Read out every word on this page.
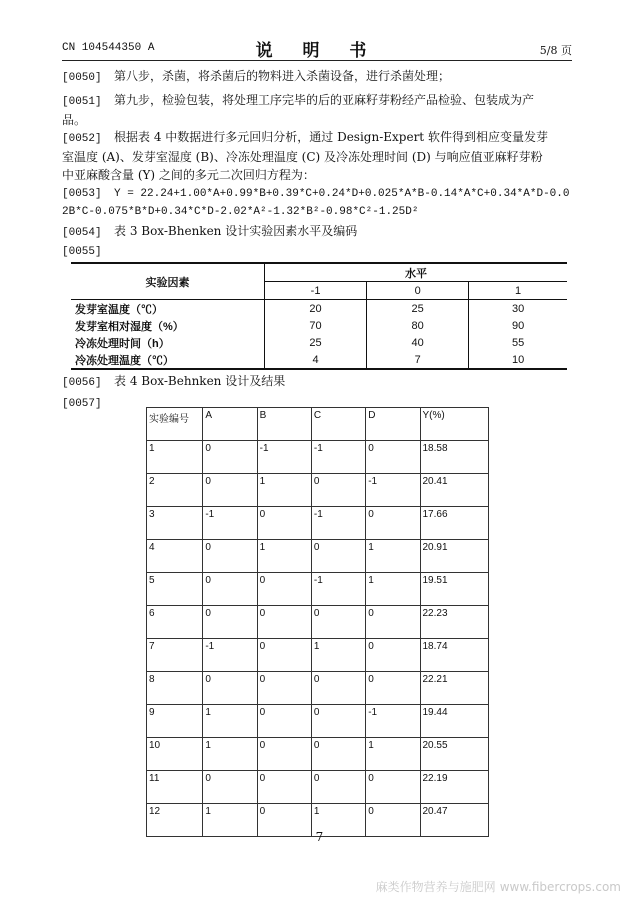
CN 104544350 A	说 明 书	5/8 页
[0050] 第八步，杀菌，将杀菌后的物料进入杀菌设备，进行杀菌处理；
[0051] 第九步，检验包装，将处理工序完毕的后的亚麻籽芽粉经产品检验、包装成为产
品。
[0052] 根据表 4 中数据进行多元回归分析，通过 Design-Expert 软件得到相应变量发芽
室温度 (A)、发芽室湿度 (B)、冷冻处理温度 (C) 及冷冻处理时间 (D) 与响应值亚麻籽芽粉
中亚麻酸含量 (Y) 之间的多元二次回归方程为：
[0053] Y = 22.24+1.00*A+0.99*B+0.39*C+0.24*D+0.025*A*B-0.14*A*C+0.34*A*D-0.0
2B*C-0.075*B*D+0.34*C*D-2.02*A²-1.32*B²-0.98*C²-1.25D²
[0054] 表 3 Box-Bhenken 设计实验因素水平及编码
[0055]
实验因素	水平		
	-1	0	1
发芽室温度（℃）	20	25	30
发芽室相对湿度（%）	70	80	90
冷冻处理时间（h）	25	40	55
冷冻处理温度（℃）	4	7	10
[0056] 表 4 Box-Behnken 设计及结果
[0057]
实验编号	A	B	C	D	Y(%)
1	0	-1	-1	0	18.58
2	0	1	0	-1	20.41
3	-1	0	-1	0	17.66
4	0	1	0	1	20.91
5	0	0	-1	1	19.51
6	0	0	0	0	22.23
7	-1	0	1	0	18.74
8	0	0	0	0	22.21
9	1	0	0	-1	19.44
10	1	0	0	1	20.55
11	0	0	0	0	22.19
12	1	0	1	0	20.47
7
麻类作物营养与施肥网 www.fibercrops.com
